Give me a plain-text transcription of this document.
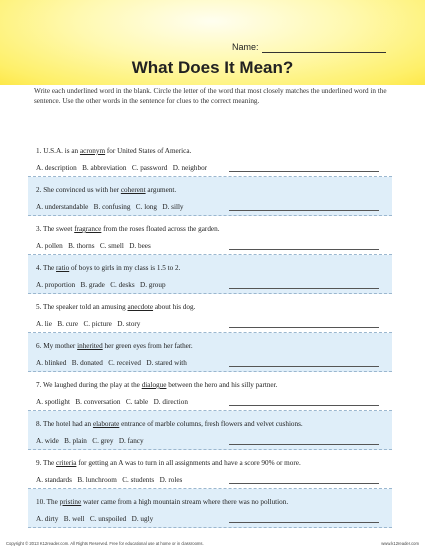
Name:
What Does It Mean?
Write each underlined word in the blank. Circle the letter of the word that most closely matches the underlined word in the sentence. Use the other words in the sentence for clues to the correct meaning.
1. U.S.A. is an acronym for United States of America.
A. description   B. abbreviation   C. password   D. neighbor
2. She convinced us with her coherent argument.
A. understandable   B. confusing   C. long   D. silly
3. The sweet fragrance from the roses floated across the garden.
A. pollen   B. thorns   C. smell   D. bees
4. The ratio of boys to girls in my class is 1.5 to 2.
A. proportion   B. grade   C. desks   D. group
5. The speaker told an amusing anecdote about his dog.
A. lie   B. cure   C. picture   D. story
6. My mother inherited her green eyes from her father.
A. blinked   B. donated   C. received   D. stared with
7. We laughed during the play at the dialogue between the hero and his silly partner.
A. spotlight   B. conversation   C. table   D. direction
8. The hotel had an elaborate entrance of marble columns, fresh flowers and velvet cushions.
A. wide   B. plain   C. grey   D. fancy
9. The criteria for getting an A was to turn in all assignments and have a score 90% or more.
A. standards   B. lunchroom   C. students   D. roles
10. The pristine water came from a high mountain stream where there was no pollution.
A. dirty   B. well   C. unspoiled   D. ugly
Copyright © 2013 K12reader.com. All Rights Reserved. Free for educational use at home or in classrooms.	www.k12reader.com
